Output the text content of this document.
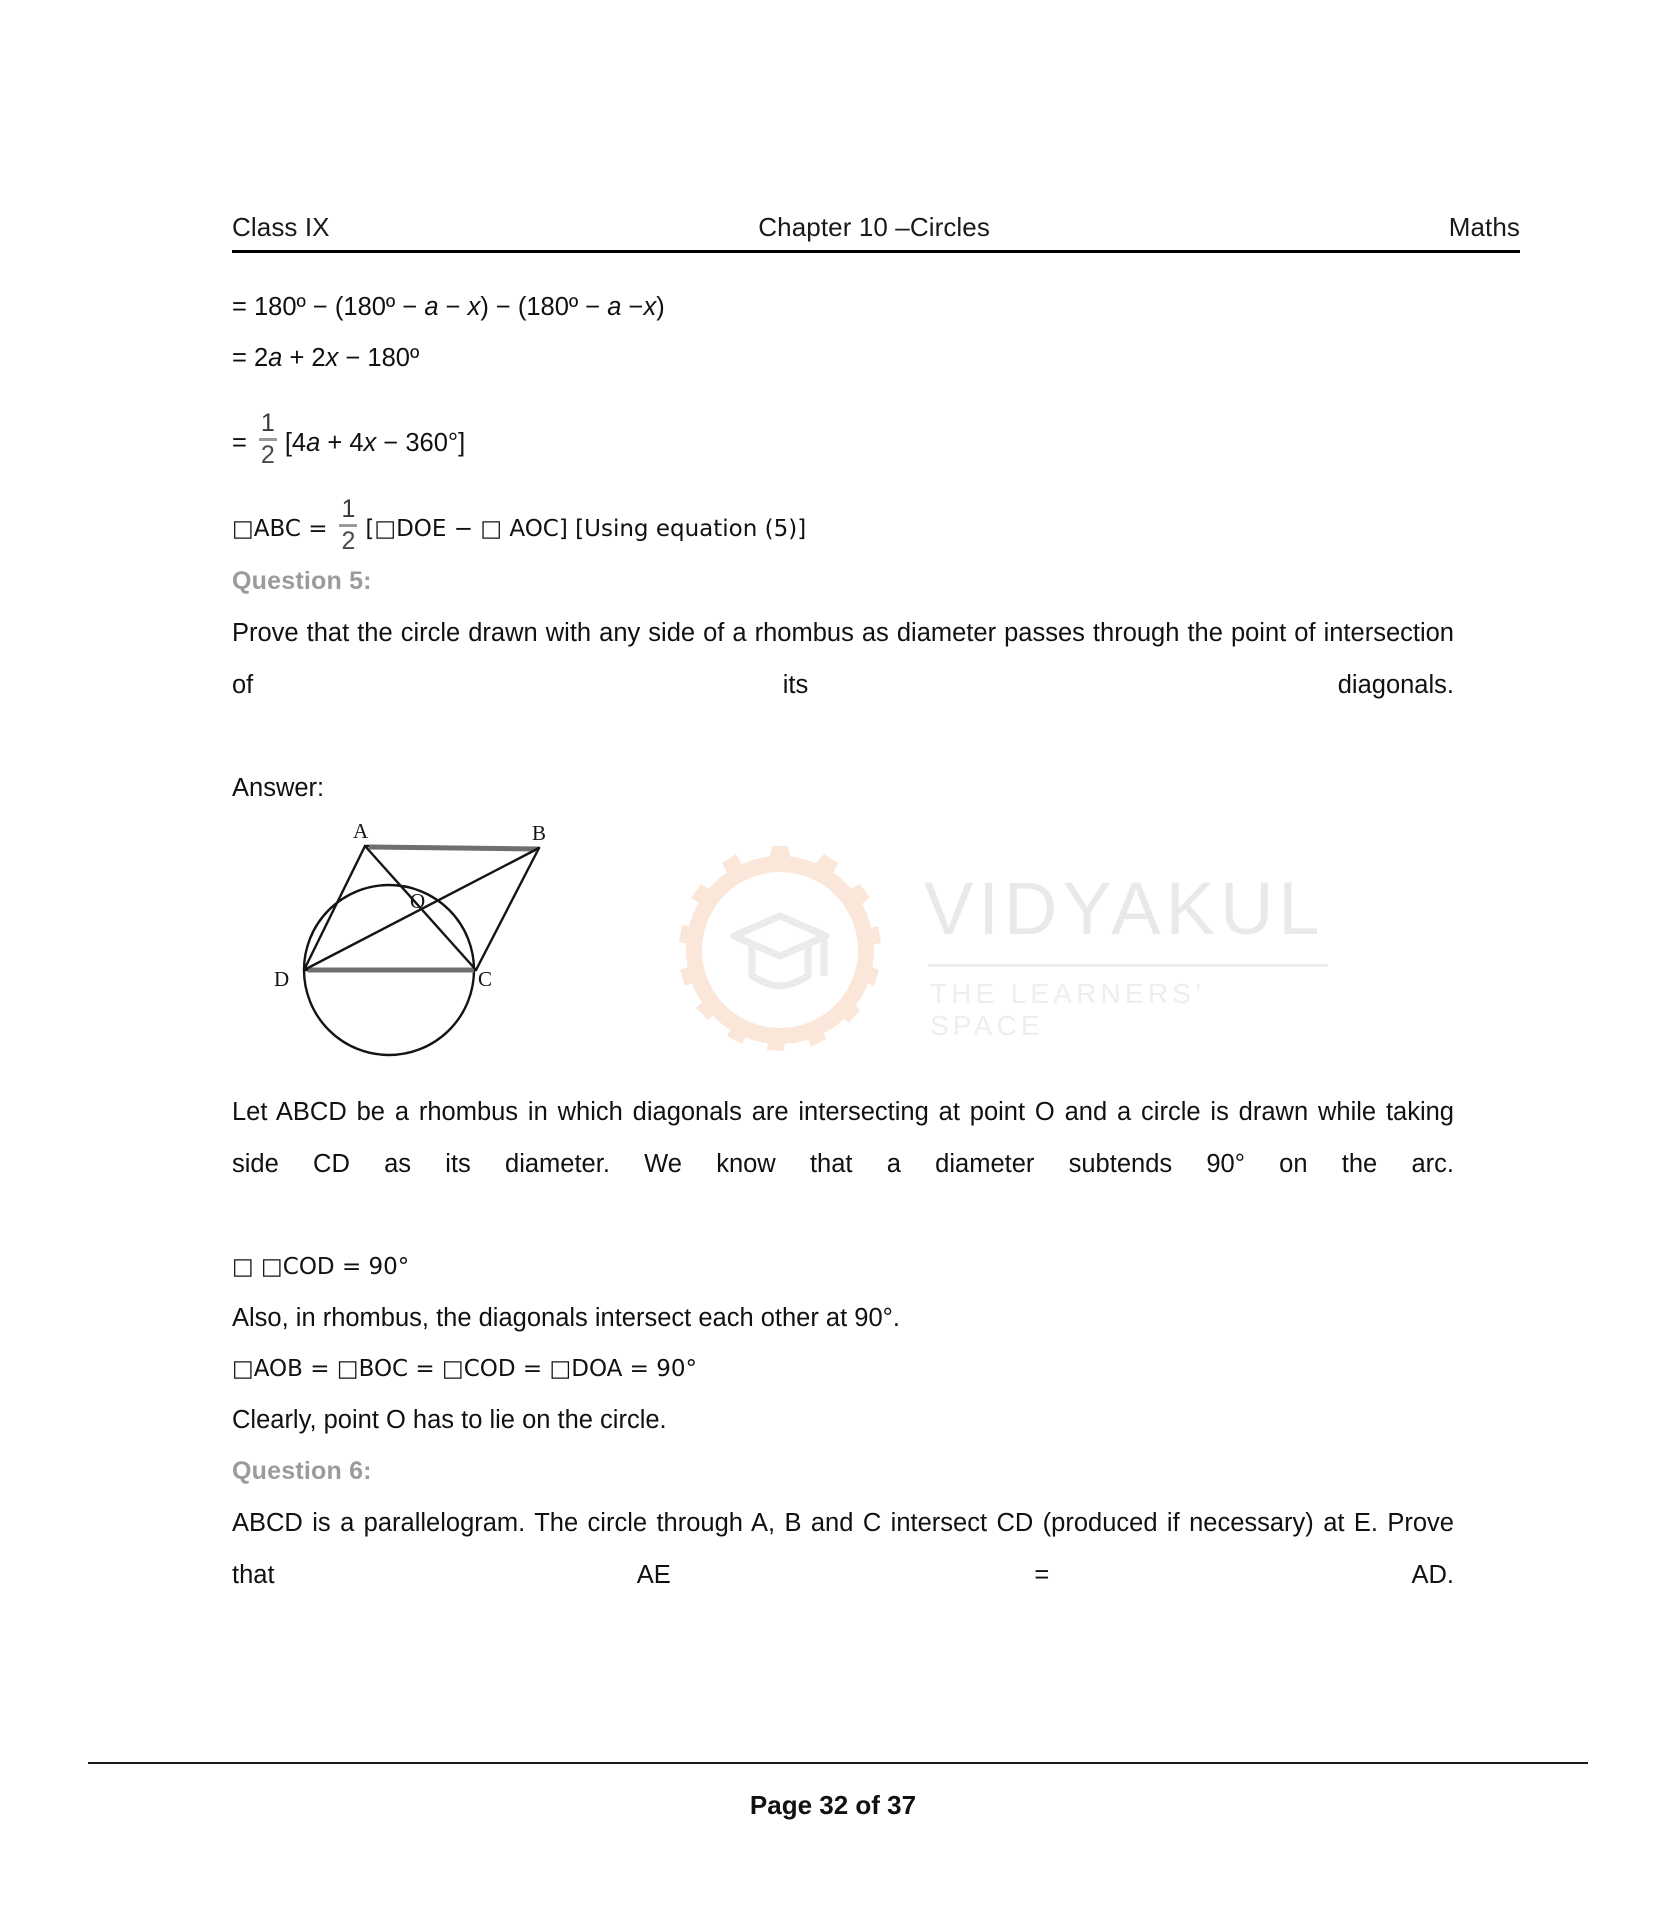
Class IX	Chapter 10 –Circles	Maths
= 180º − (180º − a − x) − (180º − a −x)
= 2a + 2x − 180º
= $\frac{1}{2} [4a + 4x - 360^\circ]$
□ABC = $\frac{1}{2}$ [□DOE − □ AOC] [Using equation (5)]
Question 5:

Prove that the circle drawn with any side of a rhombus as diameter passes through the point of intersection of its diagonals.

Answer:
VIDYAKUL
THE LEARNERS’ SPACE
A	B
C
D
O

Let ABCD be a rhombus in which diagonals are intersecting at point O and a circle is drawn while taking side CD as its diameter. We know that a diameter subtends 90° on the arc.

□ □COD = 90°
Also, in rhombus, the diagonals intersect each other at 90°.
□AOB = □BOC = □COD = □DOA = 90°
Clearly, point O has to lie on the circle.
Question 6:

ABCD is a parallelogram. The circle through A, B and C intersect CD (produced if necessary) at E. Prove that AE = AD.

Page 32 of 37
